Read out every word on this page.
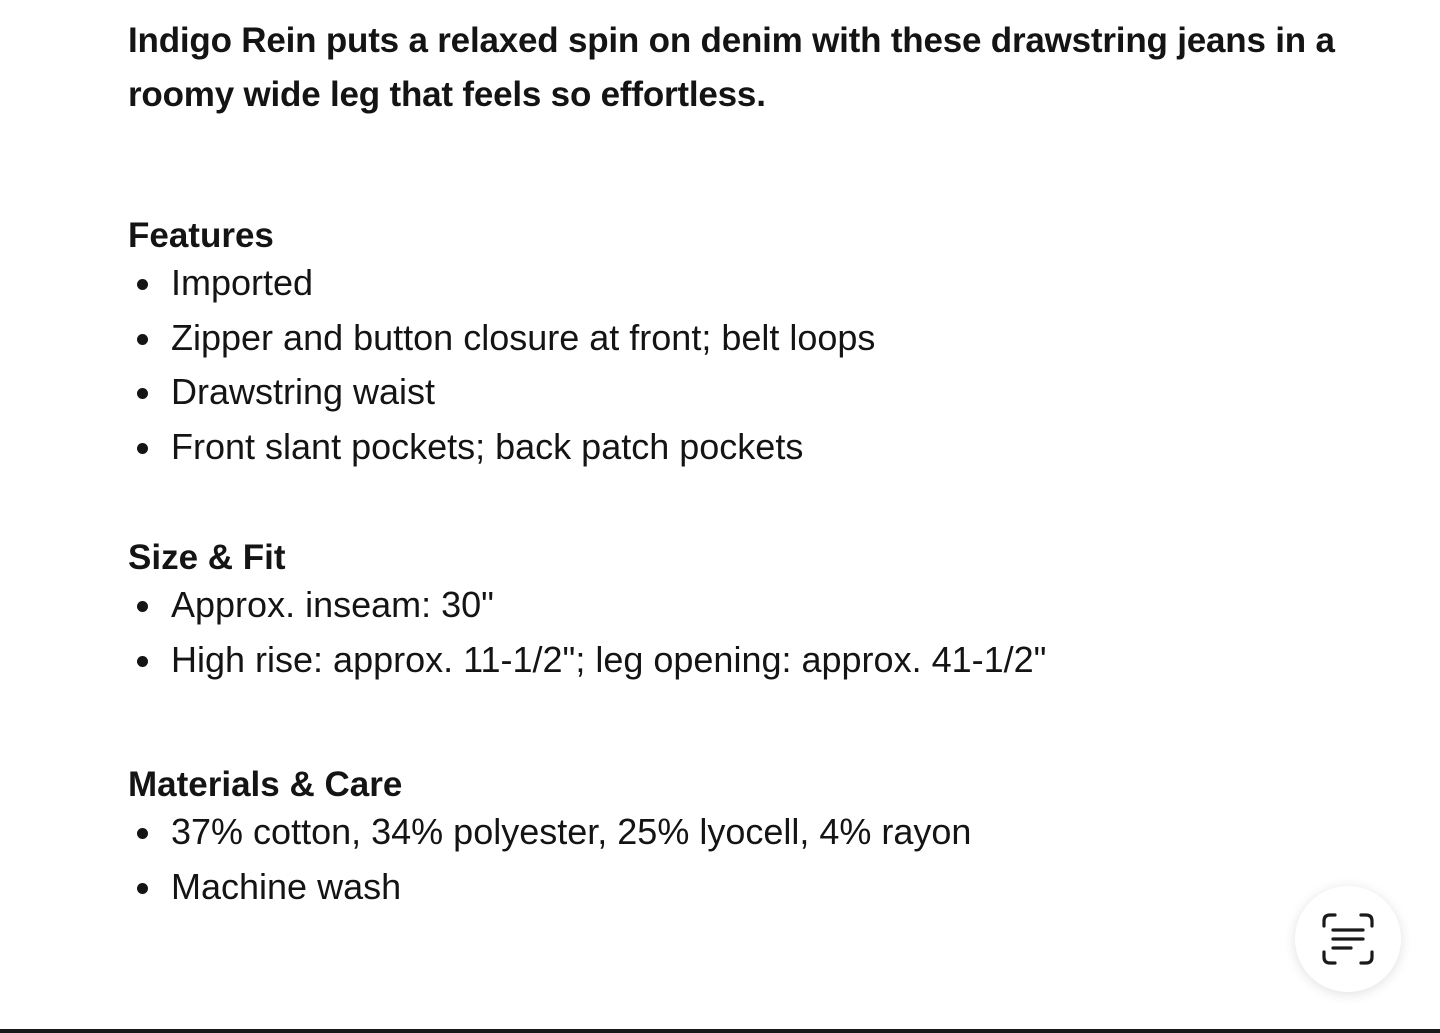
Indigo Rein puts a relaxed spin on denim with these drawstring jeans in a roomy wide leg that feels so effortless.

Features
Imported
Zipper and button closure at front; belt loops
Drawstring waist
Front slant pockets; back patch pockets
Size & Fit
Approx. inseam: 30"
High rise: approx. 11-1/2"; leg opening: approx. 41-1/2"
Materials & Care
37% cotton, 34% polyester, 25% lyocell, 4% rayon
Machine wash
